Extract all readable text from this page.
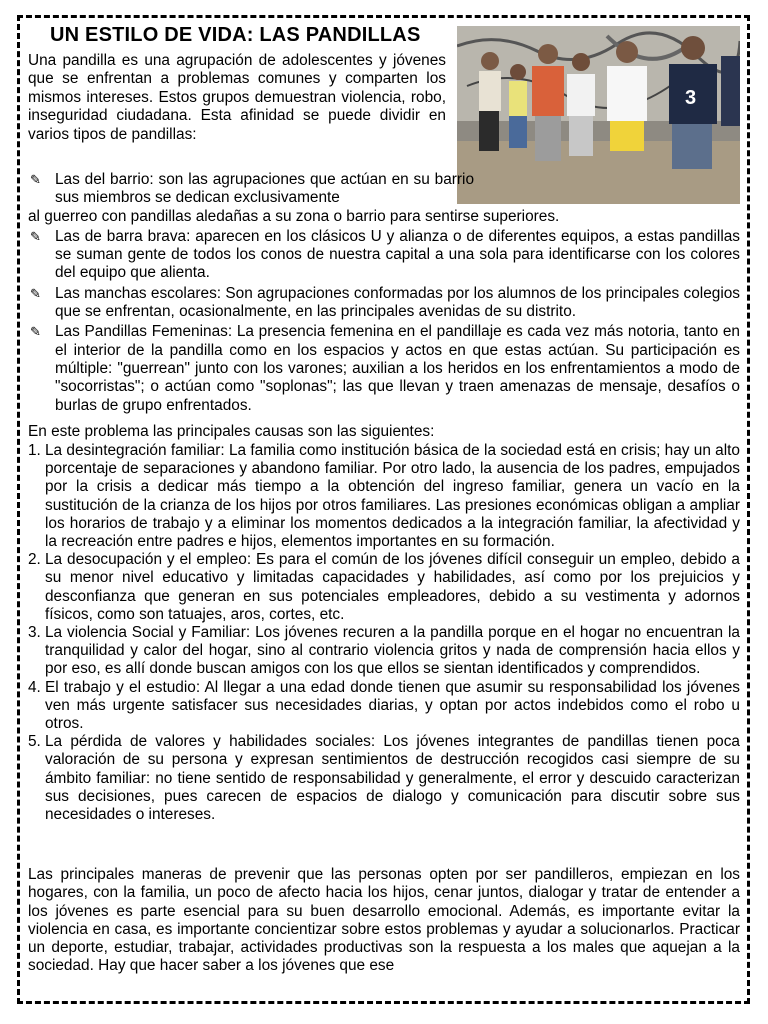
UN ESTILO DE VIDA: LAS PANDILLAS
3
Una pandilla es una agrupación de adolescentes y jóvenes que se enfrentan a problemas comunes y comparten los mismos intereses. Estos grupos demuestran violencia, robo, inseguridad ciudadana. Esta afinidad se puede dividir en varios tipos de pandillas:
✎ Las del barrio: son las agrupaciones que actúan en su barrio sus miembros se dedican exclusivamente
al guerreo con pandillas aledañas a su zona o barrio para sentirse superiores.
✎ Las de barra brava: aparecen en los clásicos U y alianza o de diferentes equipos, a estas pandillas se suman gente de todos los conos de nuestra capital a una sola para identificarse con los colores del equipo que alienta.
✎ Las manchas escolares: Son agrupaciones conformadas por los alumnos de los principales colegios que se enfrentan, ocasionalmente, en las principales avenidas de su distrito.
✎ Las Pandillas Femeninas: La presencia femenina en el pandillaje es cada vez más notoria, tanto en el interior de la pandilla como en los espacios y actos en que estas actúan. Su participación es múltiple: "guerrean" junto con los varones; auxilian a los heridos en los enfrentamientos a modo de "socorristas"; o actúan como "soplonas"; las que llevan y traen amenazas de mensaje, desafíos o burlas de grupo enfrentados.
En este problema las principales causas son las siguientes:
1. La desintegración familiar: La familia como institución básica de la sociedad está en crisis; hay un alto porcentaje de separaciones y abandono familiar. Por otro lado, la ausencia de los padres, empujados por la crisis a dedicar más tiempo a la obtención del ingreso familiar, genera un vacío en la sustitución de la crianza de los hijos por otros familiares. Las presiones económicas obligan a ampliar los horarios de trabajo y a eliminar los momentos dedicados a la integración familiar, la afectividad y la recreación entre padres e hijos, elementos importantes en su formación.
2. La desocupación y el empleo: Es para el común de los jóvenes difícil conseguir un empleo, debido a su menor nivel educativo y limitadas capacidades y habilidades, así como por los prejuicios y desconfianza que generan en sus potenciales empleadores, debido a su vestimenta y adornos físicos, como son tatuajes, aros, cortes, etc.
3. La violencia Social y Familiar: Los jóvenes recuren a la pandilla porque en el hogar no encuentran la tranquilidad y calor del hogar, sino al contrario violencia gritos y nada de comprensión hacia ellos y por eso, es allí donde buscan amigos con los que ellos se sientan identificados y comprendidos.
4. El trabajo y el estudio: Al llegar a una edad donde tienen que asumir su responsabilidad los jóvenes ven más urgente satisfacer sus necesidades diarias, y optan por actos indebidos como el robo u otros.
5. La pérdida de valores y habilidades sociales: Los jóvenes integrantes de pandillas tienen poca valoración de su persona y expresan sentimientos de destrucción recogidos casi siempre de su ámbito familiar: no tiene sentido de responsabilidad y generalmente, el error y descuido caracterizan sus decisiones, pues carecen de espacios de dialogo y comunicación para discutir sobre sus necesidades o intereses.
Las principales maneras de prevenir que las personas opten por ser pandilleros, empiezan en los hogares, con la familia, un poco de afecto hacia los hijos, cenar juntos, dialogar y tratar de entender a los jóvenes es parte esencial para su buen desarrollo emocional. Además, es importante evitar la violencia en casa, es importante concientizar sobre estos problemas y ayudar a solucionarlos. Practicar un deporte, estudiar, trabajar, actividades productivas son la respuesta a los males que aquejan a la sociedad. Hay que hacer saber a los jóvenes que ese
